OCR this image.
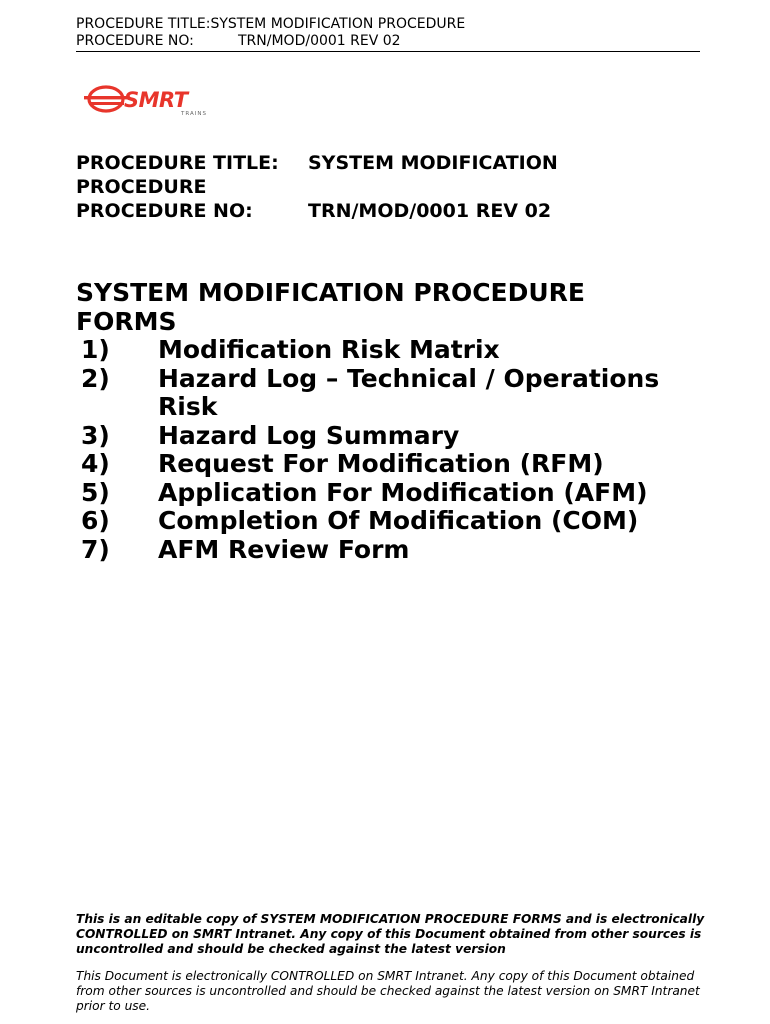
PROCEDURE TITLE:SYSTEM MODIFICATION PROCEDURE
PROCEDURE NO:	TRN/MOD/0001 REV 02
SMRT
TRAINS
PROCEDURE TITLE: SYSTEM MODIFICATION
PROCEDURE
PROCEDURE NO:	TRN/MOD/0001 REV 02
SYSTEM MODIFICATION PROCEDURE
FORMS
1)	Modification Risk Matrix
2)	Hazard Log – Technical / Operations Risk
3)	Hazard Log Summary
4)	Request For Modification (RFM)
5)	Application For Modification (AFM)
6)	Completion Of Modification (COM)
7)	AFM Review Form
This is an editable copy of SYSTEM MODIFICATION PROCEDURE FORMS and is electronically CONTROLLED on SMRT Intranet. Any copy of this Document obtained from other sources is uncontrolled and should be checked against the latest version
This Document is electronically CONTROLLED on SMRT Intranet. Any copy of this Document obtained from other sources is uncontrolled and should be checked against the latest version on SMRT Intranet prior to use.
